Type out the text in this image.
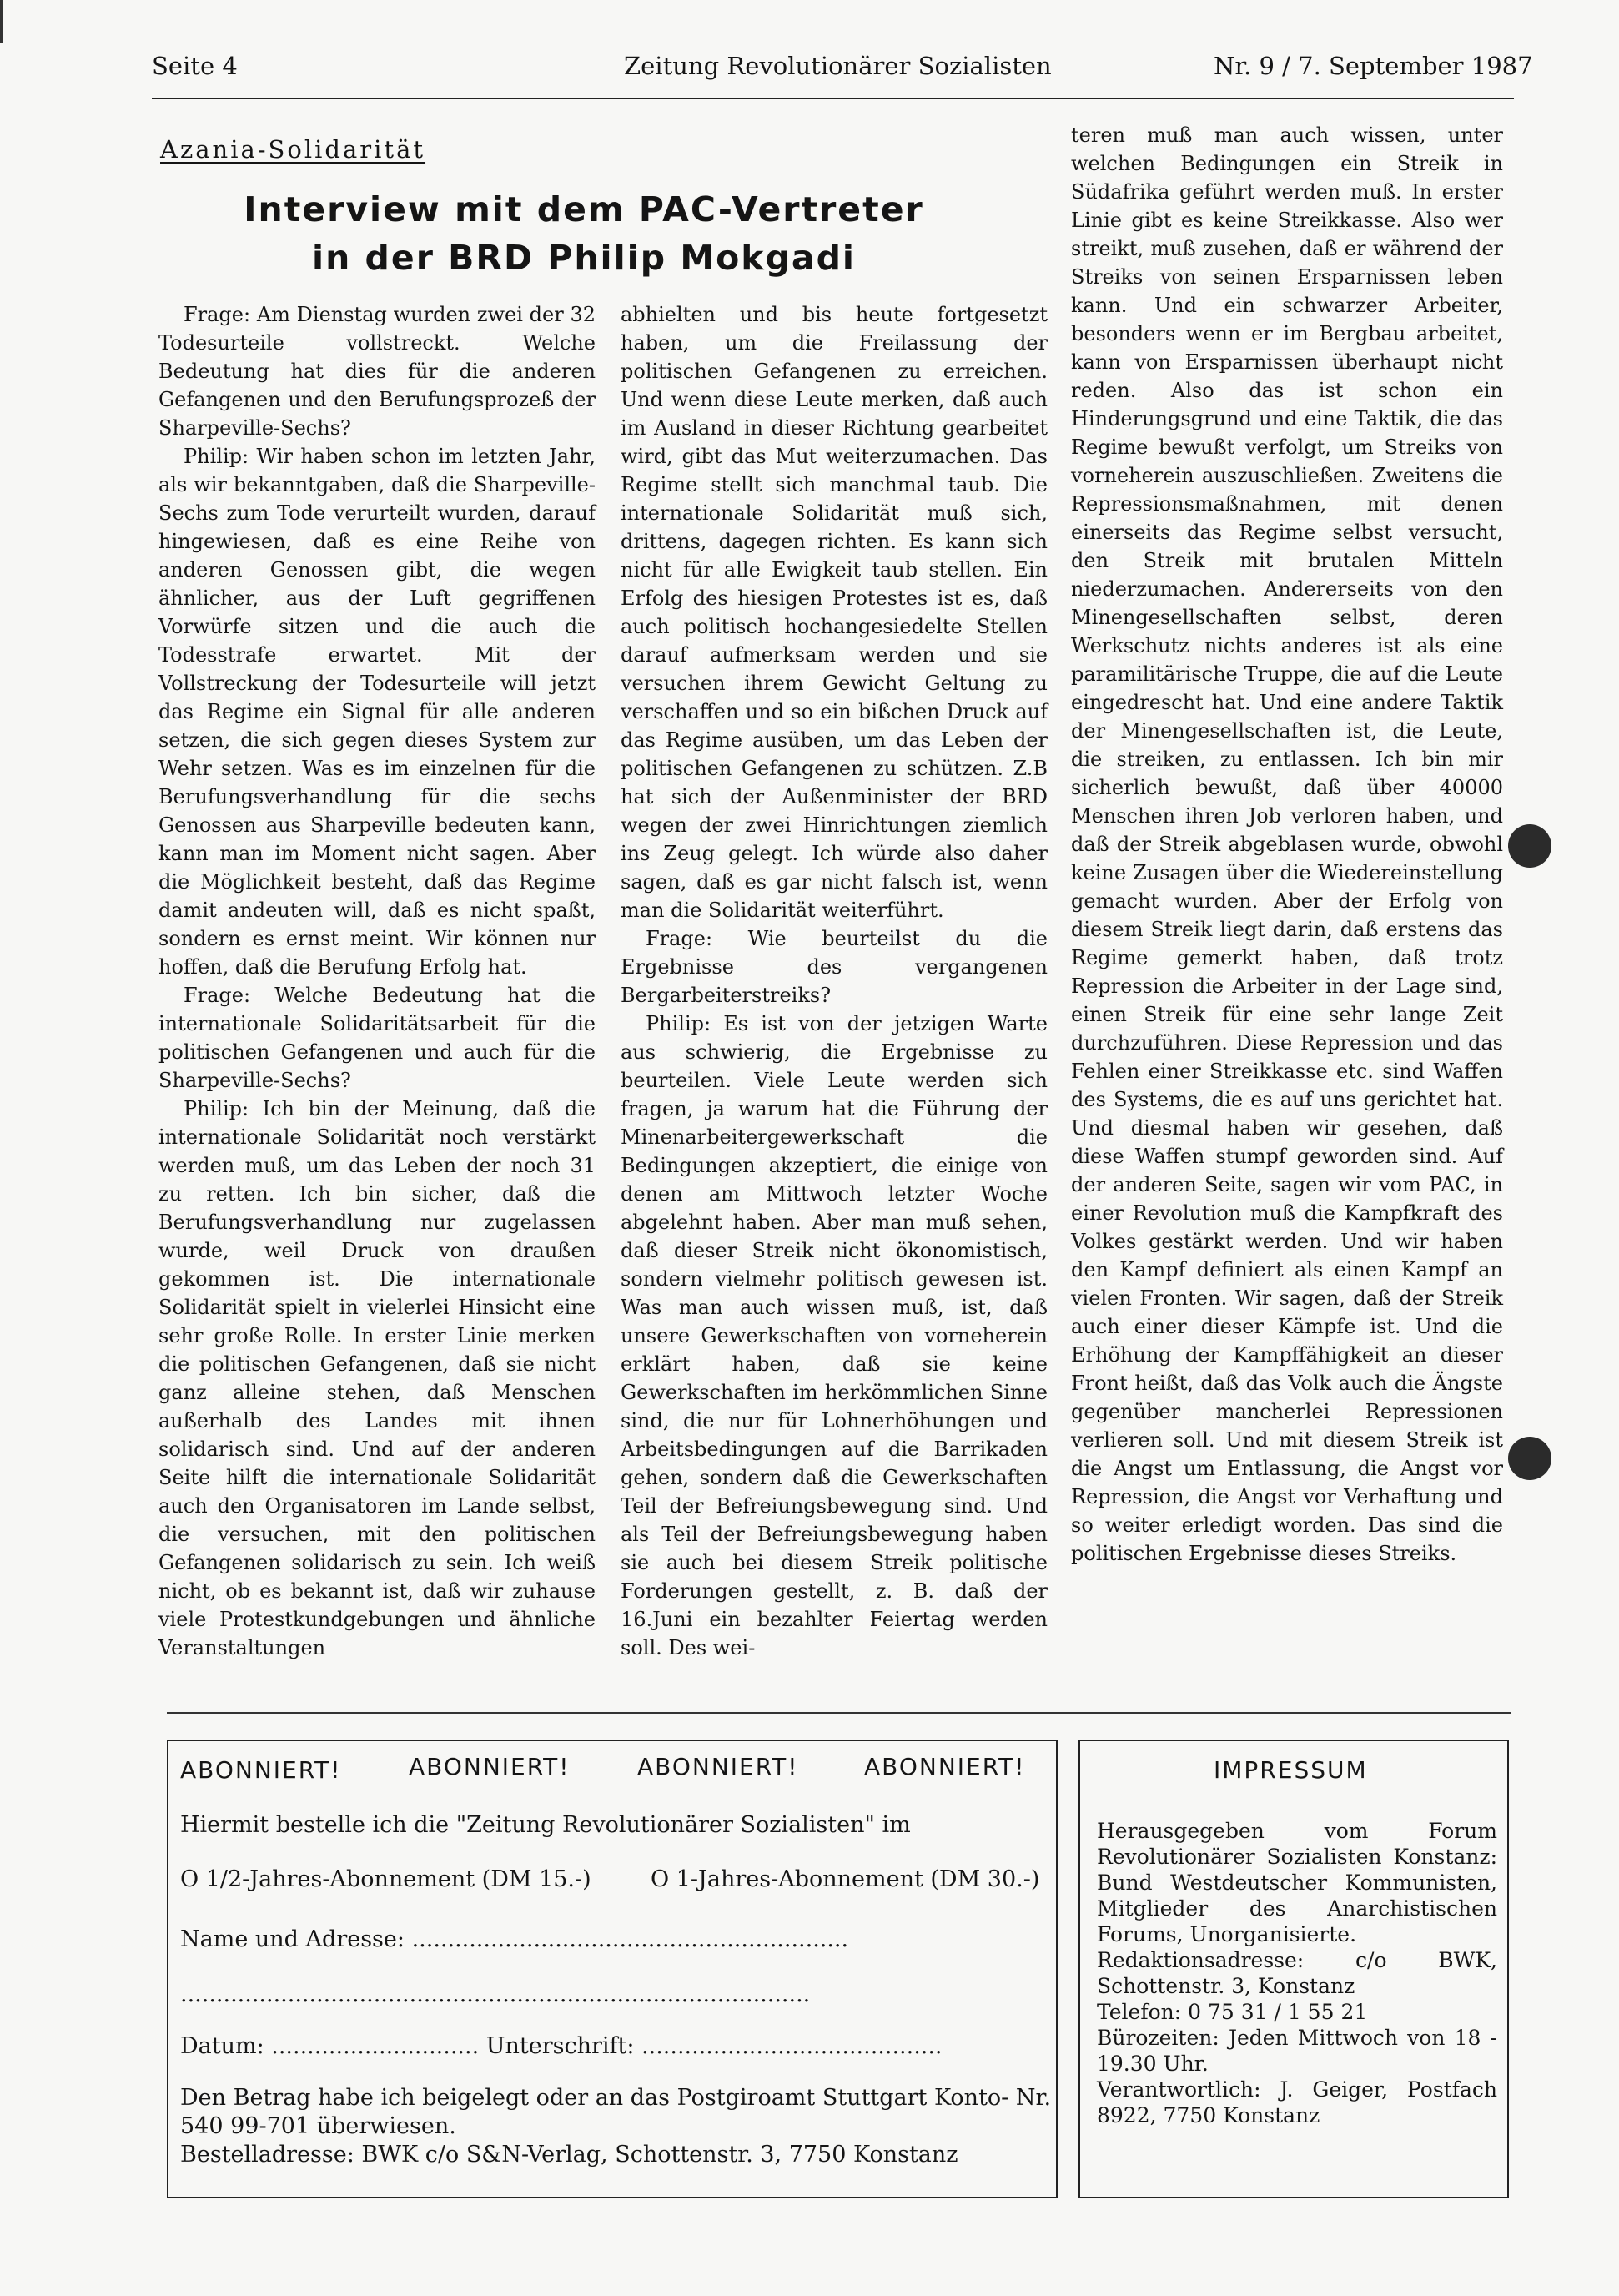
Seite 4	Zeitung Revolutionärer Sozialisten	Nr. 9 / 7. September 1987
Azania-Solidarität
Interview mit dem PAC-Vertreter
in der BRD Philip Mokgadi

Frage: Am Dienstag wurden zwei der 32 Todesurteile vollstreckt. Welche Bedeutung hat dies für die anderen Gefangenen und den Berufungsprozeß der Sharpeville-Sechs?

Philip: Wir haben schon im letzten Jahr, als wir bekanntgaben, daß die Sharpeville-Sechs zum Tode verurteilt wurden, darauf hingewiesen, daß es eine Reihe von anderen Genossen gibt, die wegen ähnlicher, aus der Luft gegriffenen Vorwürfe sitzen und die auch die Todesstrafe erwartet. Mit der Vollstreckung der Todesurteile will jetzt das Regime ein Signal für alle anderen setzen, die sich gegen dieses System zur Wehr setzen. Was es im einzelnen für die Berufungsverhandlung für die sechs Genossen aus Sharpeville bedeuten kann, kann man im Moment nicht sagen. Aber die Möglichkeit besteht, daß das Regime damit andeuten will, daß es nicht spaßt, sondern es ernst meint. Wir können nur hoffen, daß die Berufung Erfolg hat.

Frage: Welche Bedeutung hat die internationale Solidaritätsarbeit für die politischen Gefangenen und auch für die Sharpeville-Sechs?

Philip: Ich bin der Meinung, daß die internationale Solidarität noch verstärkt werden muß, um das Leben der noch 31 zu retten. Ich bin sicher, daß die Berufungsverhandlung nur zugelassen wurde, weil Druck von draußen gekommen ist. Die internationale Solidarität spielt in vielerlei Hinsicht eine sehr große Rolle. In erster Linie merken die politischen Gefangenen, daß sie nicht ganz alleine stehen, daß Menschen außerhalb des Landes mit ihnen solidarisch sind. Und auf der anderen Seite hilft die internationale Solidarität auch den Organisatoren im Lande selbst, die versuchen, mit den politischen Gefangenen solidarisch zu sein. Ich weiß nicht, ob es bekannt ist, daß wir zuhause viele Protestkundgebungen und ähnliche Veranstaltungen

abhielten und bis heute fortgesetzt haben, um die Freilassung der politischen Gefangenen zu erreichen. Und wenn diese Leute merken, daß auch im Ausland in dieser Richtung gearbeitet wird, gibt das Mut weiterzumachen. Das Regime stellt sich manchmal taub. Die internationale Solidarität muß sich, drittens, dagegen richten. Es kann sich nicht für alle Ewigkeit taub stellen. Ein Erfolg des hiesigen Protestes ist es, daß auch politisch hochangesiedelte Stellen darauf aufmerksam werden und sie versuchen ihrem Gewicht Geltung zu verschaffen und so ein bißchen Druck auf das Regime ausüben, um das Leben der politischen Gefangenen zu schützen. Z.B hat sich der Außenminister der BRD wegen der zwei Hinrichtungen ziemlich ins Zeug gelegt. Ich würde also daher sagen, daß es gar nicht falsch ist, wenn man die Solidarität weiterführt.

Frage: Wie beurteilst du die Ergebnisse des vergangenen Bergarbeiterstreiks?

Philip: Es ist von der jetzigen Warte aus schwierig, die Ergebnisse zu beurteilen. Viele Leute werden sich fragen, ja warum hat die Führung der Minenarbeitergewerkschaft die Bedingungen akzeptiert, die einige von denen am Mittwoch letzter Woche abgelehnt haben. Aber man muß sehen, daß dieser Streik nicht ökonomistisch, sondern vielmehr politisch gewesen ist. Was man auch wissen muß, ist, daß unsere Gewerkschaften von vorneherein erklärt haben, daß sie keine Gewerkschaften im herkömmlichen Sinne sind, die nur für Lohnerhöhungen und Arbeitsbedingungen auf die Barrikaden gehen, sondern daß die Gewerkschaften Teil der Befreiungsbewegung sind. Und als Teil der Befreiungsbewegung haben sie auch bei diesem Streik politische Forderungen gestellt, z. B. daß der 16.Juni ein bezahlter Feiertag werden soll. Des wei-

teren muß man auch wissen, unter welchen Bedingungen ein Streik in Südafrika geführt werden muß. In erster Linie gibt es keine Streikkasse. Also wer streikt, muß zusehen, daß er während der Streiks von seinen Ersparnissen leben kann. Und ein schwarzer Arbeiter, besonders wenn er im Bergbau arbeitet, kann von Ersparnissen überhaupt nicht reden. Also das ist schon ein Hinderungsgrund und eine Taktik, die das Regime bewußt verfolgt, um Streiks von vorneherein auszuschließen. Zweitens die Repressionsmaßnahmen, mit denen einerseits das Regime selbst versucht, den Streik mit brutalen Mitteln niederzumachen. Andererseits von den Minengesellschaften selbst, deren Werkschutz nichts anderes ist als eine paramilitärische Truppe, die auf die Leute eingedrescht hat. Und eine andere Taktik der Minengesellschaften ist, die Leute, die streiken, zu entlassen. Ich bin mir sicherlich bewußt, daß über 40000 Menschen ihren Job verloren haben, und daß der Streik abgeblasen wurde, obwohl keine Zusagen über die Wiedereinstellung gemacht wurden. Aber der Erfolg von diesem Streik liegt darin, daß erstens das Regime gemerkt haben, daß trotz Repression die Arbeiter in der Lage sind, einen Streik für eine sehr lange Zeit durchzuführen. Diese Repression und das Fehlen einer Streikkasse etc. sind Waffen des Systems, die es auf uns gerichtet hat. Und diesmal haben wir gesehen, daß diese Waffen stumpf geworden sind. Auf der anderen Seite, sagen wir vom PAC, in einer Revolution muß die Kampfkraft des Volkes gestärkt werden. Und wir haben den Kampf definiert als einen Kampf an vielen Fronten. Wir sagen, daß der Streik auch einer dieser Kämpfe ist. Und die Erhöhung der Kampffähigkeit an dieser Front heißt, daß das Volk auch die Ängste gegenüber mancherlei Repressionen verlieren soll. Und mit diesem Streik ist die Angst um Entlassung, die Angst vor Repression, die Angst vor Verhaftung und so weiter erledigt worden. Das sind die politischen Ergebnisse dieses Streiks.

ABONNIERT!	ABONNIERT!	ABONNIERT!	ABONNIERT!
Hiermit bestelle ich die "Zeitung Revolutionärer Sozialisten" im
O 1/2-Jahres-Abonnement (DM 15.-)	O 1-Jahres-Abonnement (DM 30.-)
Name und Adresse: .............................................................
........................................................................................
Datum: ............................. Unterschrift: ..........................................
Den Betrag habe ich beigelegt oder an das Postgiroamt Stuttgart Konto- Nr.
540 99-701 überwiesen.
Bestelladresse: BWK c/o S&N-Verlag, Schottenstr. 3, 7750 Konstanz
IMPRESSUM

Herausgegeben vom Forum Revolutionärer Sozialisten Konstanz: Bund Westdeutscher Kommunisten, Mitglieder des Anarchistischen Forums, Unorganisierte.

Redaktionsadresse: c/o BWK, Schottenstr. 3, Konstanz

Telefon: 0 75 31 / 1 55 21

Bürozeiten: Jeden Mittwoch von 18 - 19.30 Uhr.

Verantwortlich: J. Geiger, Postfach 8922, 7750 Konstanz
